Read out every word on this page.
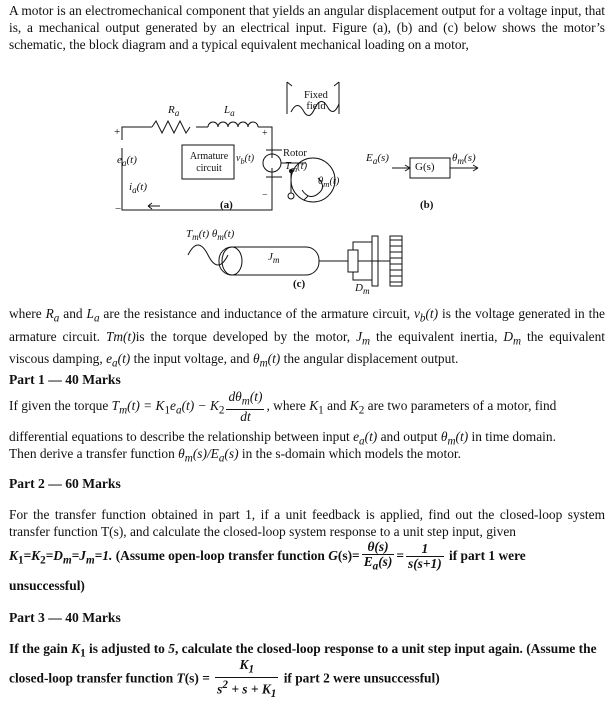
A motor is an electromechanical component that yields an angular displacement output for a voltage input, that is, a mechanical output generated by an electrical input. Figure (a), (b) and (c) below shows the motor’s schematic, the block diagram and a typical equivalent mechanical loading on a motor,
$R_a$	$L_a$
+	+
$e_a(t)$
−
$i_a(t)$
Armature
circuit
$v_b(t)$
−
Fixed
field
Rotor
$T_m(t)$
$\theta_m(t)$
(a)
$E_a(s)$
G(s)
$\theta_m(s)$
(b)
$T_m(t)$ $\theta_m(t)$
$J_m$
(c)	$D_m$
where $R_a$ and $L_a$ are the resistance and inductance of the armature circuit, $v_b(t)$ is the voltage generated in the armature circuit. Tm(t)is the torque developed by the motor, $J_m$ the equivalent inertia, $D_m$ the equivalent viscous damping, $e_a(t)$ the input voltage, and $\theta_m(t)$ the angular displacement output.
Part 1 — 40 Marks
If given the torque $T_m(t) = K_1e_a(t) - K_2 \frac{d\theta_m(t)}{dt}$ , where $K_1$ and $K_2$ are two parameters of a motor, find
differential equations to describe the relationship between input $e_a(t)$ and output $\theta_m(t)$ in time domain.
Then derive a transfer function $\theta_m(s)/E_a(s)$ in the s-domain which models the motor.
Part 2 — 60 Marks
For the transfer function obtained in part 1, if a unit feedback is applied, find out the closed-loop system transfer function T(s), and calculate the closed-loop system response to a unit step input, given
$K_1=K_2=D_m=J_m=1$. (Assume open-loop transfer function $G(s)= \frac{\theta(s)}{E_a(s)} = \frac{1}{s(s+1)}$ if part 1 were
unsuccessful)
Part 3 — 40 Marks
If the gain $K_1$ is adjusted to 5, calculate the closed-loop response to a unit step input again. (Assume the
closed-loop transfer function $T(s) = \frac{K_1}{s^2 + s + K_1}$ if part 2 were unsuccessful)
